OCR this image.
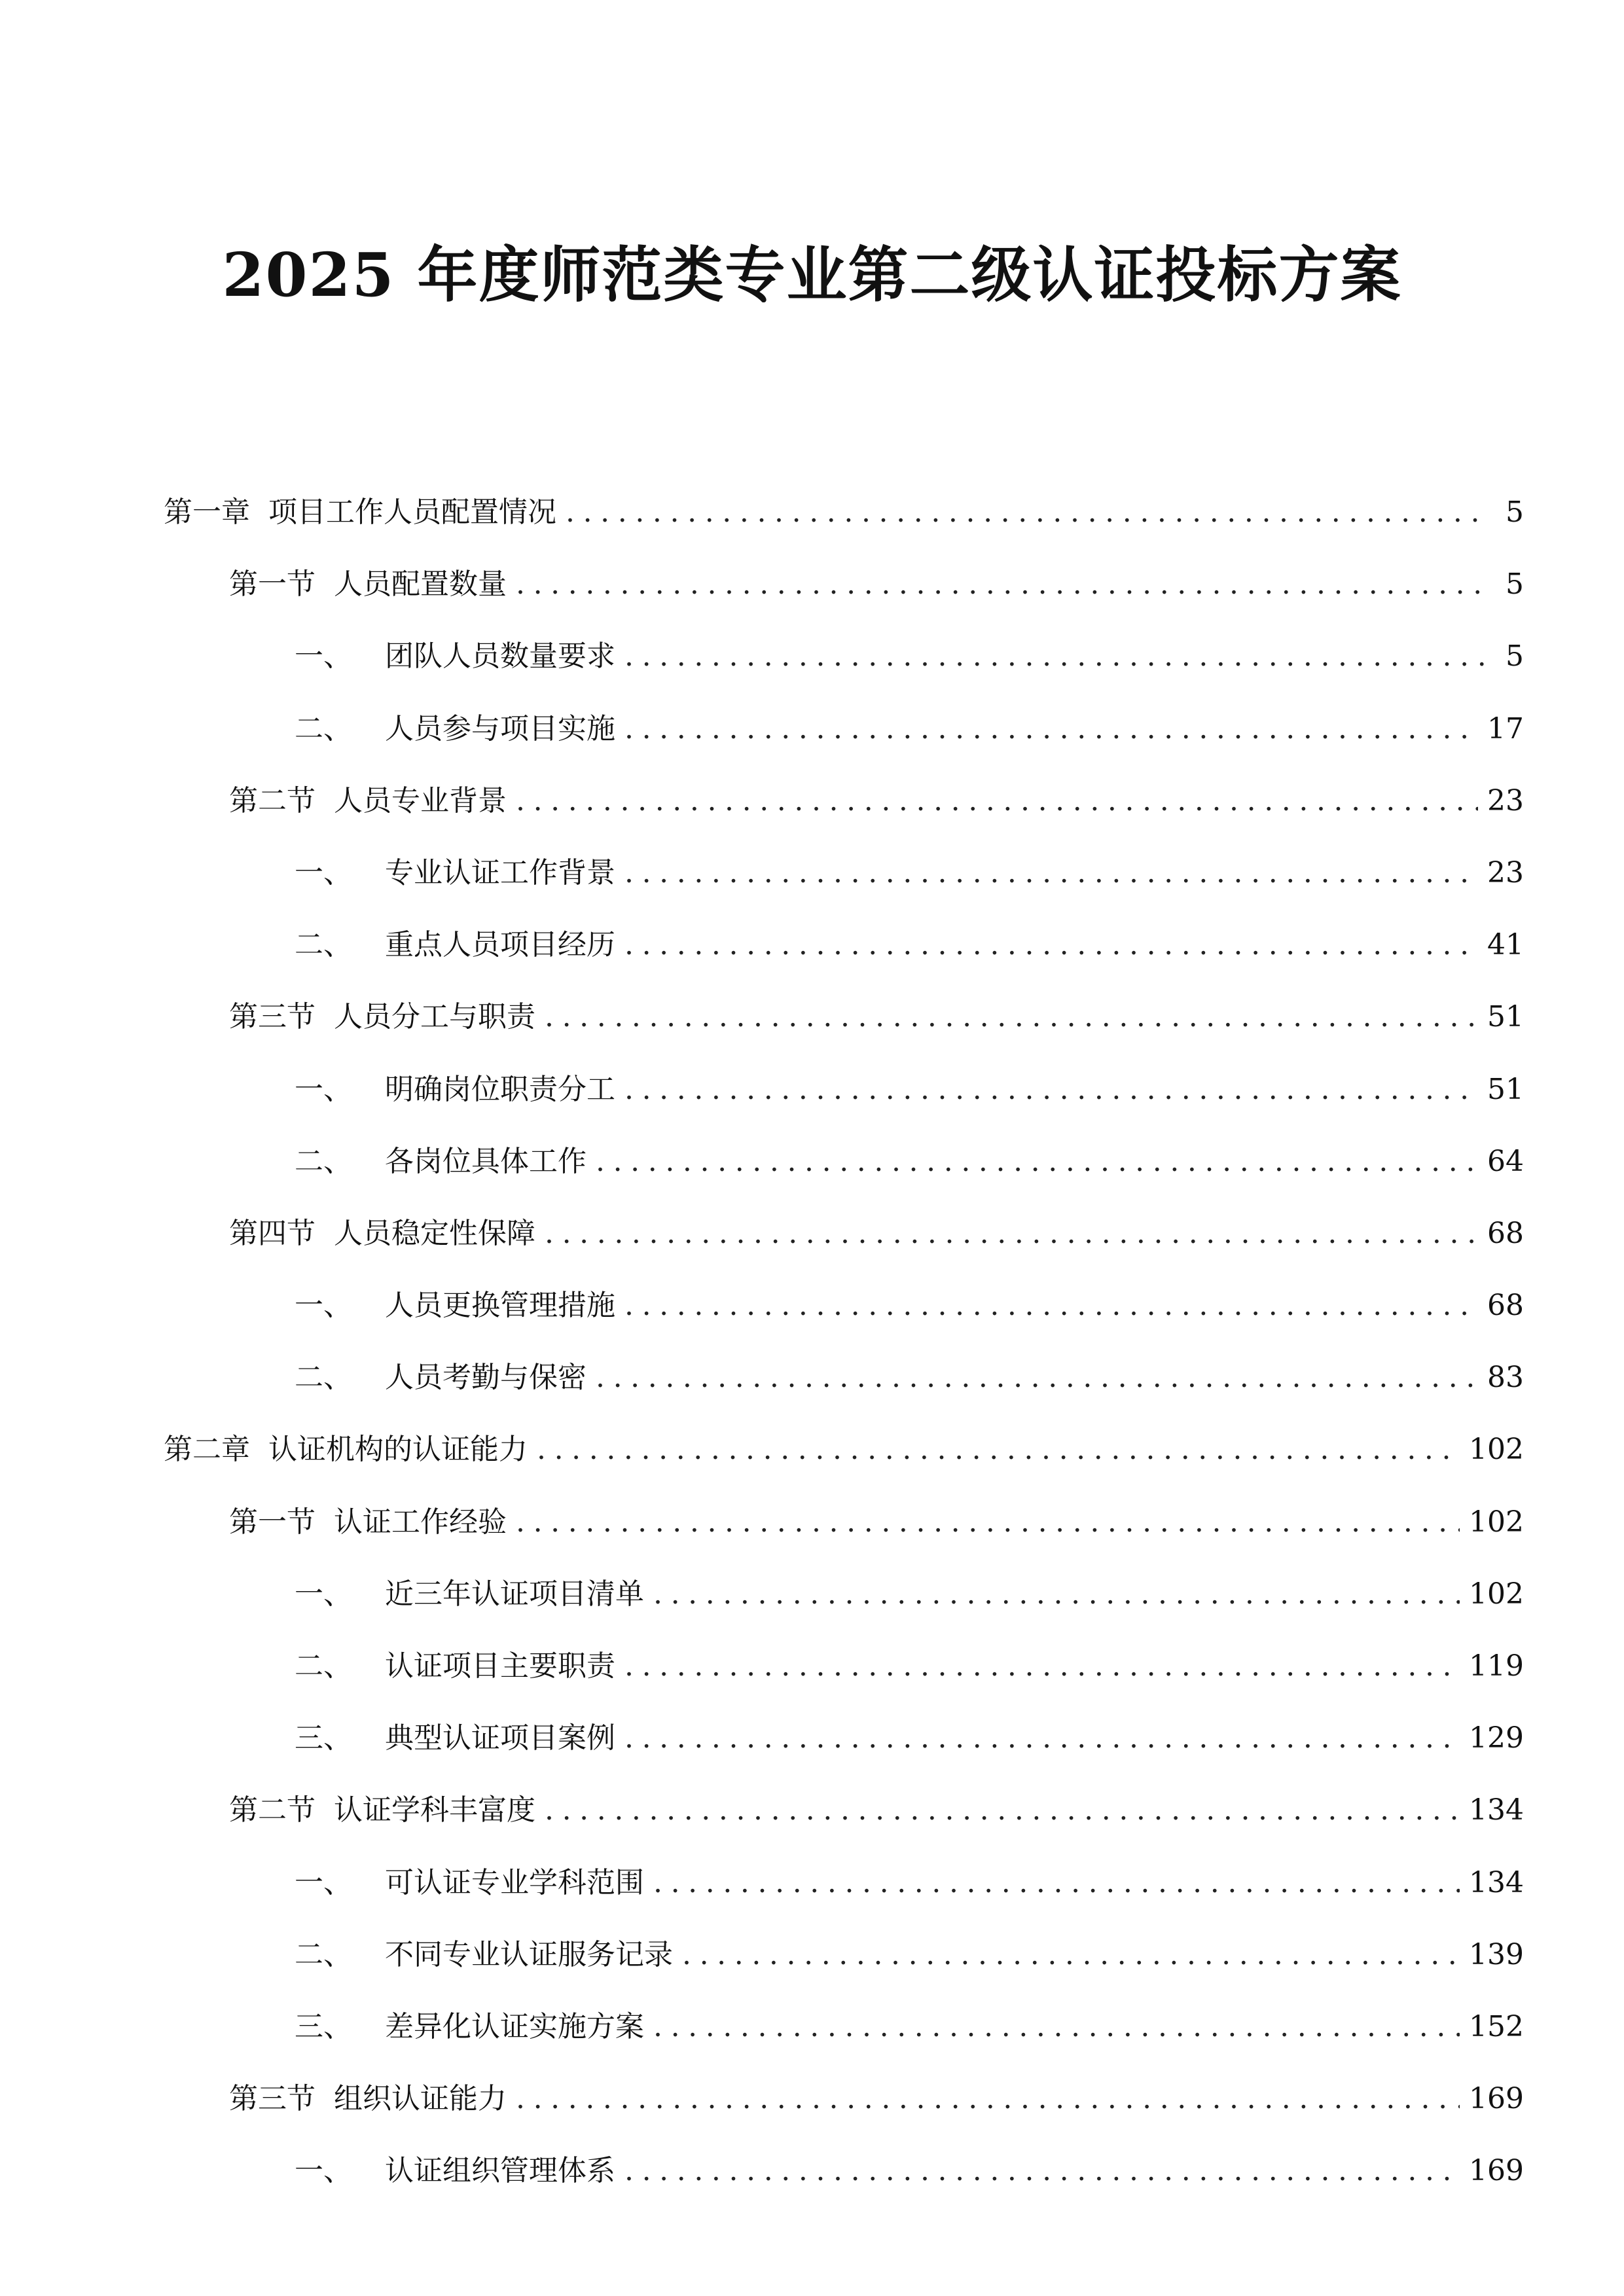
2025 年度师范类专业第二级认证投标方案
第一章 项目工作人员配置情况 .....	5
第一节 人员配置数量 .....	5
一、 团队人员数量要求 .....	5
二、 人员参与项目实施 .....	17
第二节 人员专业背景 .....	23
一、 专业认证工作背景 .....	23
二、 重点人员项目经历 .....	41
第三节 人员分工与职责 .....	51
一、 明确岗位职责分工 .....	51
二、 各岗位具体工作 .....	64
第四节 人员稳定性保障 .....	68
一、 人员更换管理措施 .....	68
二、 人员考勤与保密 .....	83
第二章 认证机构的认证能力 .....	102
第一节 认证工作经验 .....	102
一、 近三年认证项目清单 .....	102
二、 认证项目主要职责 .....	119
三、 典型认证项目案例 .....	129
第二节 认证学科丰富度 .....	134
一、 可认证专业学科范围 .....	134
二、 不同专业认证服务记录 .....	139
三、 差异化认证实施方案 .....	152
第三节 组织认证能力 .....	169
一、 认证组织管理体系 .....	169
